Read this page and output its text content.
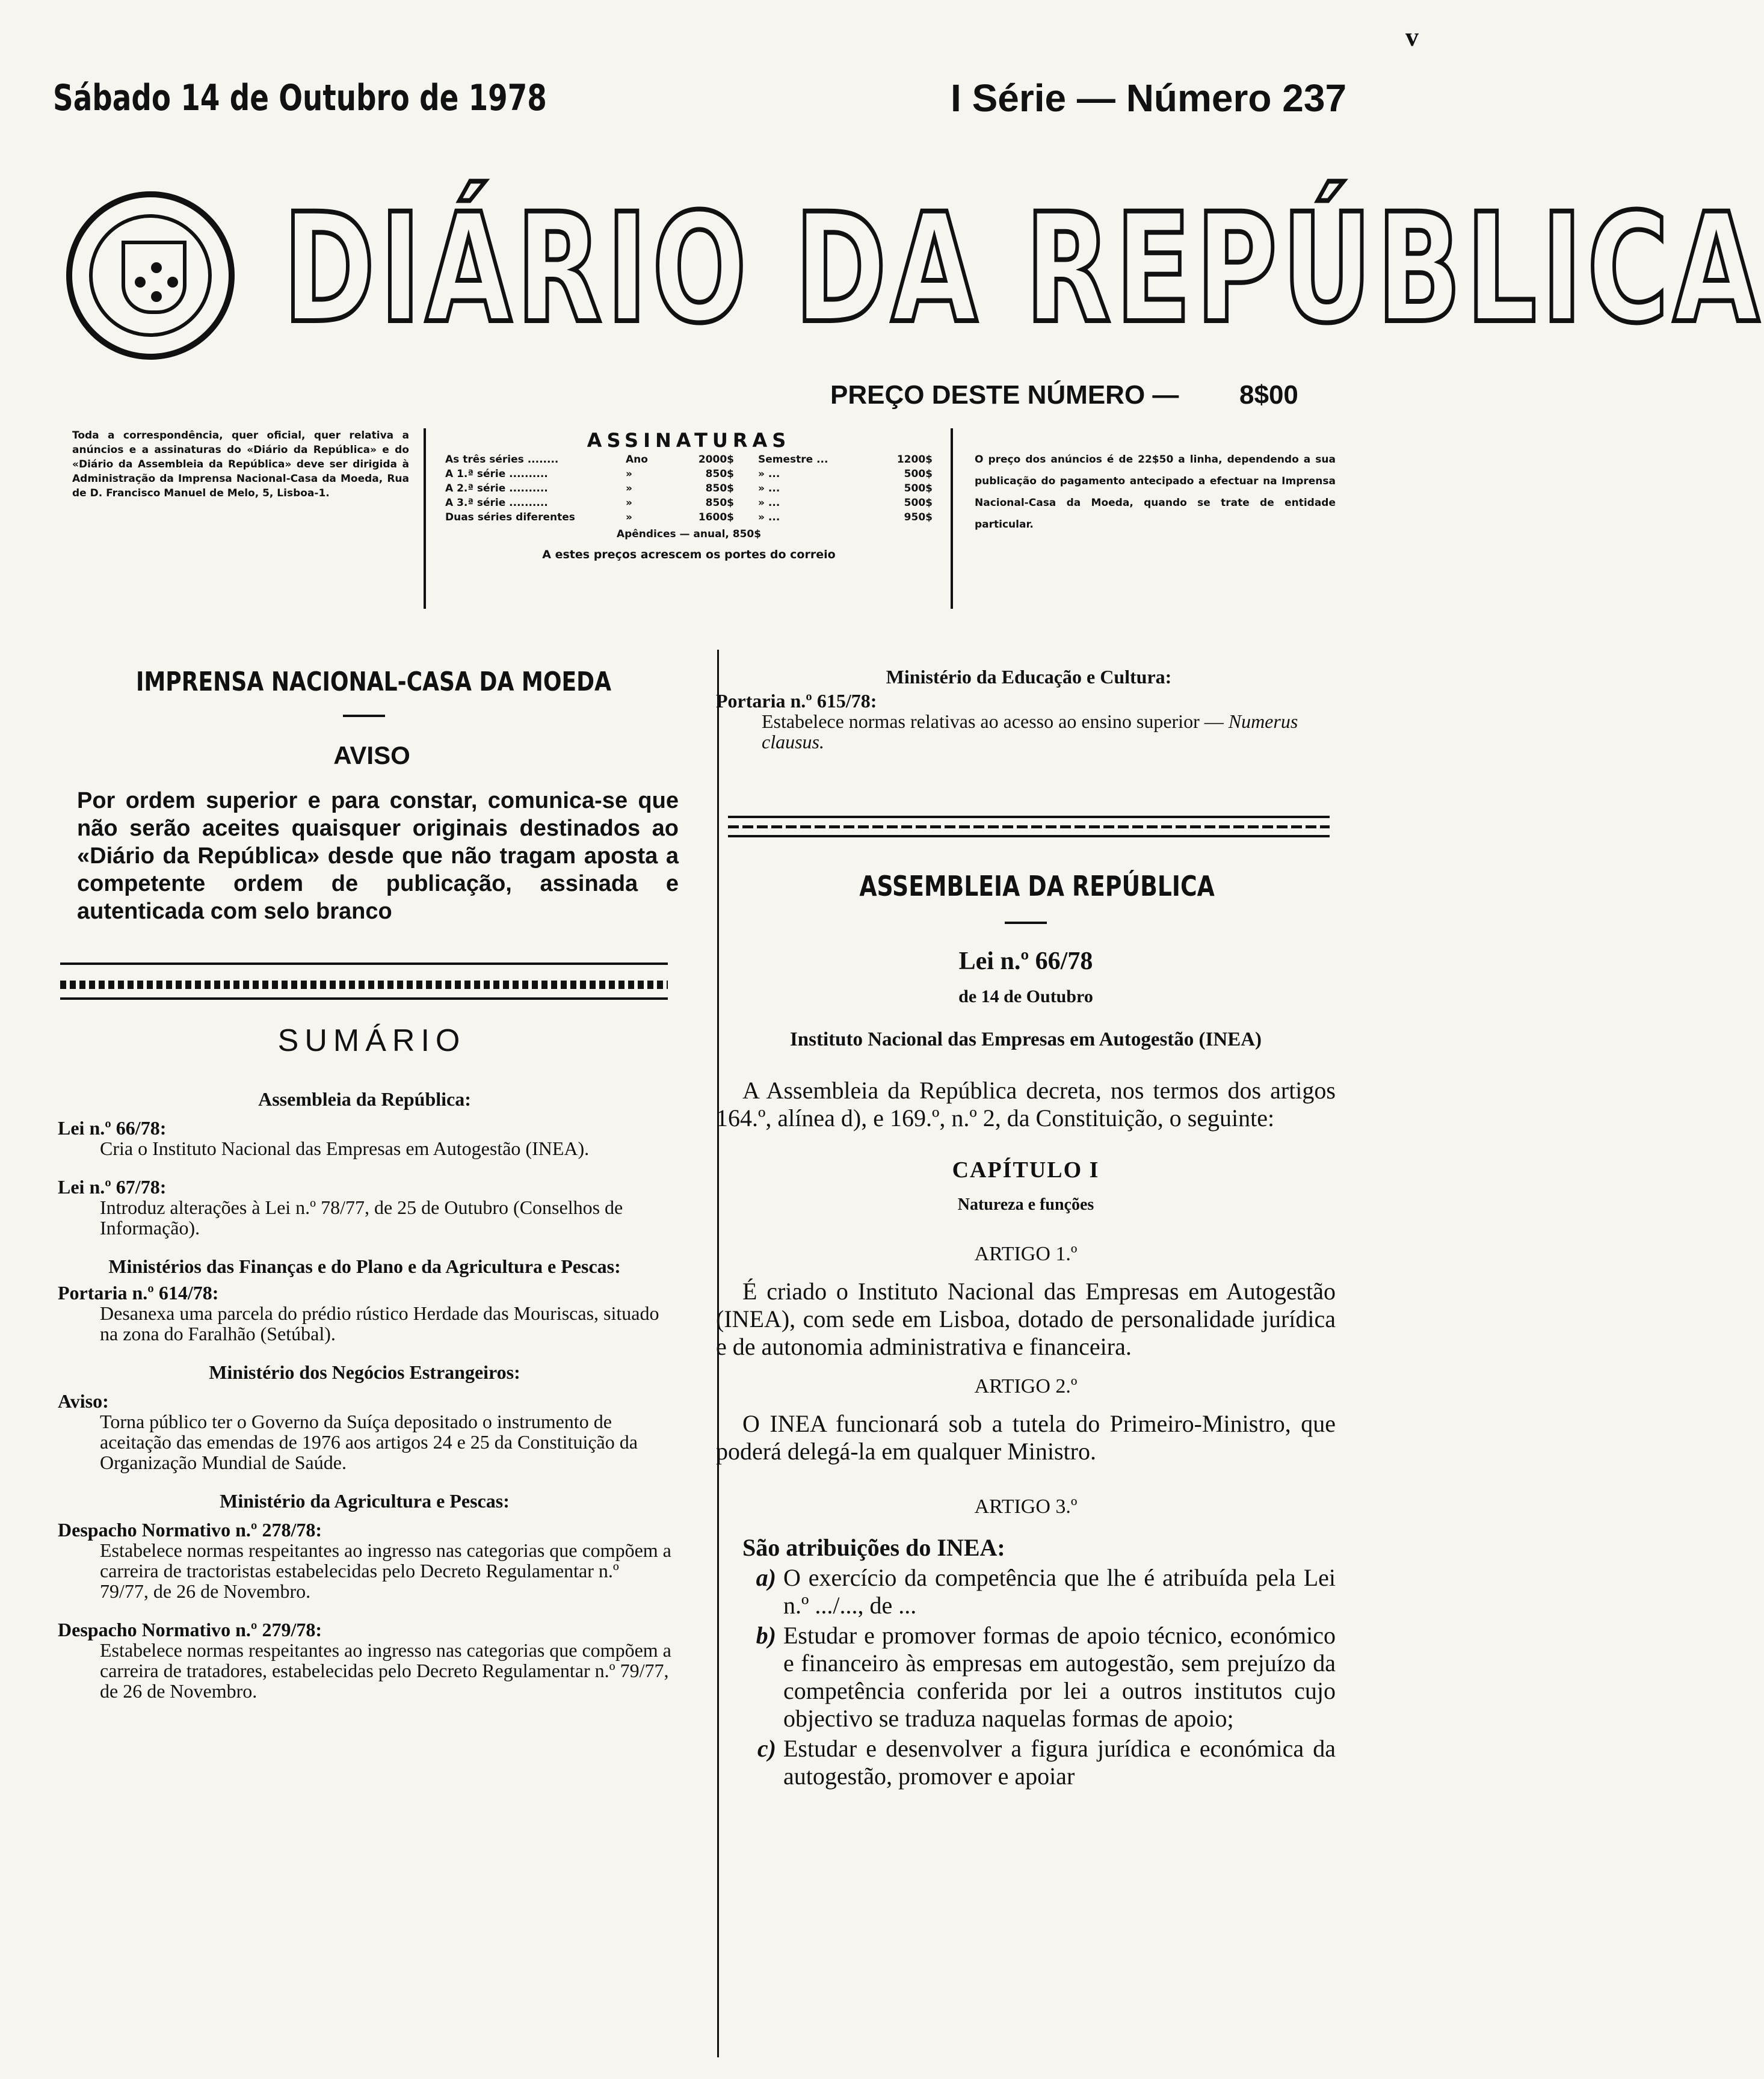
v
Sábado 14 de Outubro de 1978	I Série — Número 237
DIÁRIO DA REPÚBLICA
PREÇO DESTE NÚMERO — 8$00
Toda a correspondência, quer oficial, quer relativa a anúncios e a assinaturas do «Diário da República» e do «Diário da Assembleia da República» deve ser dirigida à Administração da Imprensa Nacional-Casa da Moeda, Rua de D. Francisco Manuel de Melo, 5, Lisboa-1.
ASSINATURAS
As três séries ........	Ano	2000$ Semestre ...	1200$
A 1.ª série ..........	»	850$ » ...	500$
A 2.ª série ..........	»	850$ » ...	500$
A 3.ª série ..........	»	850$ » ...	500$
Duas séries diferentes	»	1600$ » ...	950$
Apêndices — anual, 850$
A estes preços acrescem os portes do correio
O preço dos anúncios é de 22$50 a linha, dependendo a sua publicação do pagamento antecipado a efectuar na Imprensa Nacional-Casa da Moeda, quando se trate de entidade particular.
IMPRENSA NACIONAL-CASA DA MOEDA
AVISO
Por ordem superior e para constar, comunica-se que não serão aceites quaisquer originais destinados ao «Diário da República» desde que não tragam aposta a competente ordem de publicação, assinada e autenticada com selo branco
SUMÁRIO
Assembleia da República:
Lei n.º 66/78:
Cria o Instituto Nacional das Empresas em Autogestão (INEA).
Lei n.º 67/78:
Introduz alterações à Lei n.º 78/77, de 25 de Outubro (Conselhos de Informação).
Ministérios das Finanças e do Plano e da Agricultura e Pescas:
Portaria n.º 614/78:
Desanexa uma parcela do prédio rústico Herdade das Mouriscas, situado na zona do Faralhão (Setúbal).
Ministério dos Negócios Estrangeiros:
Aviso:
Torna público ter o Governo da Suíça depositado o instrumento de aceitação das emendas de 1976 aos artigos 24 e 25 da Constituição da Organização Mundial de Saúde.
Ministério da Agricultura e Pescas:
Despacho Normativo n.º 278/78:
Estabelece normas respeitantes ao ingresso nas categorias que compõem a carreira de tractoristas estabelecidas pelo Decreto Regulamentar n.º 79/77, de 26 de Novembro.
Despacho Normativo n.º 279/78:
Estabelece normas respeitantes ao ingresso nas categorias que compõem a carreira de tratadores, estabelecidas pelo Decreto Regulamentar n.º 79/77, de 26 de Novembro.
Ministério da Educação e Cultura:
Portaria n.º 615/78:
Estabelece normas relativas ao acesso ao ensino superior — Numerus clausus.
ASSEMBLEIA DA REPÚBLICA
Lei n.º 66/78
de 14 de Outubro
Instituto Nacional das Empresas em Autogestão (INEA)
A Assembleia da República decreta, nos termos dos artigos 164.º, alínea d), e 169.º, n.º 2, da Constituição, o seguinte:
CAPÍTULO I
Natureza e funções
ARTIGO 1.º
É criado o Instituto Nacional das Empresas em Autogestão (INEA), com sede em Lisboa, dotado de personalidade jurídica e de autonomia administrativa e financeira.
ARTIGO 2.º
O INEA funcionará sob a tutela do Primeiro-Ministro, que poderá delegá-la em qualquer Ministro.
ARTIGO 3.º
São atribuições do INEA:
a) O exercício da competência que lhe é atribuída pela Lei n.º .../..., de ...
b) Estudar e promover formas de apoio técnico, económico e financeiro às empresas em autogestão, sem prejuízo da competência conferida por lei a outros institutos cujo objectivo se traduza naquelas formas de apoio;
c) Estudar e desenvolver a figura jurídica e económica da autogestão, promover e apoiar
